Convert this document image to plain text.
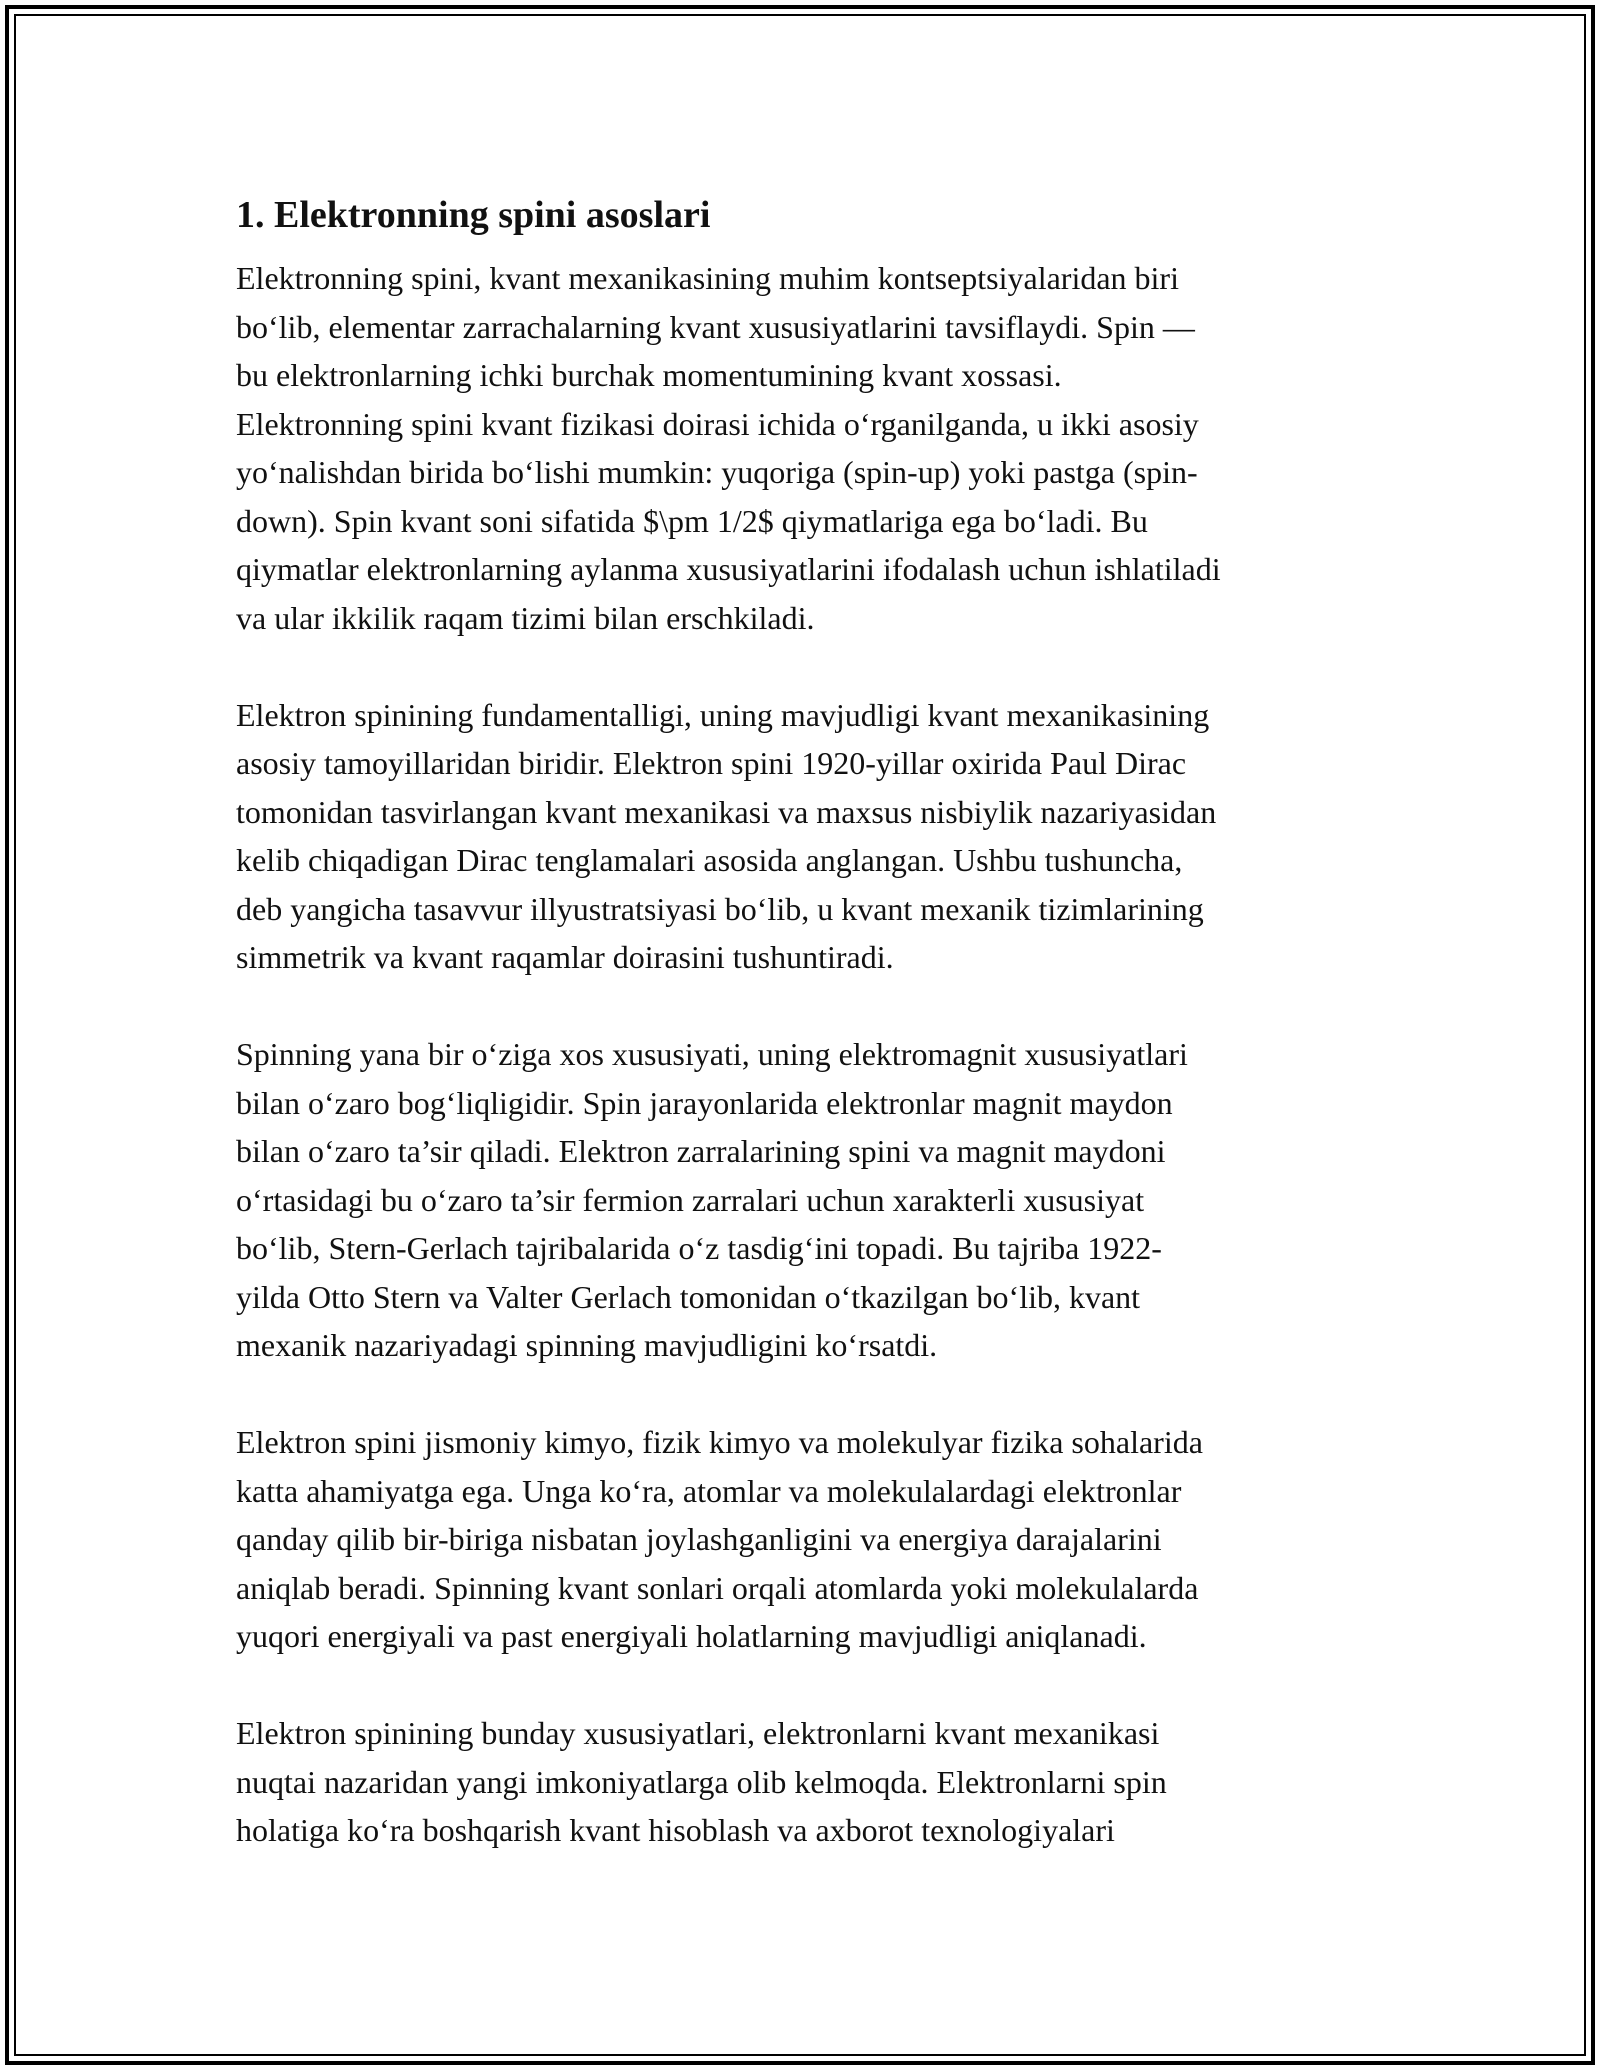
1. Elektronning spini asoslari

Elektronning spini, kvant mexanikasining muhim kontseptsiyalaridan biri
bo‘lib, elementar zarrachalarning kvant xususiyatlarini tavsiflaydi. Spin —
bu elektronlarning ichki burchak momentumining kvant xossasi.
Elektronning spini kvant fizikasi doirasi ichida o‘rganilganda, u ikki asosiy
yo‘nalishdan birida bo‘lishi mumkin: yuqoriga (spin-up) yoki pastga (spin-
down). Spin kvant soni sifatida $\pm 1/2$ qiymatlariga ega bo‘ladi. Bu
qiymatlar elektronlarning aylanma xususiyatlarini ifodalash uchun ishlatiladi
va ular ikkilik raqam tizimi bilan erschkiladi.

Elektron spinining fundamentalligi, uning mavjudligi kvant mexanikasining
asosiy tamoyillaridan biridir. Elektron spini 1920-yillar oxirida Paul Dirac
tomonidan tasvirlangan kvant mexanikasi va maxsus nisbiylik nazariyasidan
kelib chiqadigan Dirac tenglamalari asosida anglangan. Ushbu tushuncha,
deb yangicha tasavvur illyustratsiyasi bo‘lib, u kvant mexanik tizimlarining
simmetrik va kvant raqamlar doirasini tushuntiradi.

Spinning yana bir o‘ziga xos xususiyati, uning elektromagnit xususiyatlari
bilan o‘zaro bog‘liqligidir. Spin jarayonlarida elektronlar magnit maydon
bilan o‘zaro ta’sir qiladi. Elektron zarralarining spini va magnit maydoni
o‘rtasidagi bu o‘zaro ta’sir fermion zarralari uchun xarakterli xususiyat
bo‘lib, Stern-Gerlach tajribalarida o‘z tasdig‘ini topadi. Bu tajriba 1922-
yilda Otto Stern va Valter Gerlach tomonidan o‘tkazilgan bo‘lib, kvant
mexanik nazariyadagi spinning mavjudligini ko‘rsatdi.

Elektron spini jismoniy kimyo, fizik kimyo va molekulyar fizika sohalarida
katta ahamiyatga ega. Unga ko‘ra, atomlar va molekulalardagi elektronlar
qanday qilib bir-biriga nisbatan joylashganligini va energiya darajalarini
aniqlab beradi. Spinning kvant sonlari orqali atomlarda yoki molekulalarda
yuqori energiyali va past energiyali holatlarning mavjudligi aniqlanadi.

Elektron spinining bunday xususiyatlari, elektronlarni kvant mexanikasi
nuqtai nazaridan yangi imkoniyatlarga olib kelmoqda. Elektronlarni spin
holatiga ko‘ra boshqarish kvant hisoblash va axborot texnologiyalari
